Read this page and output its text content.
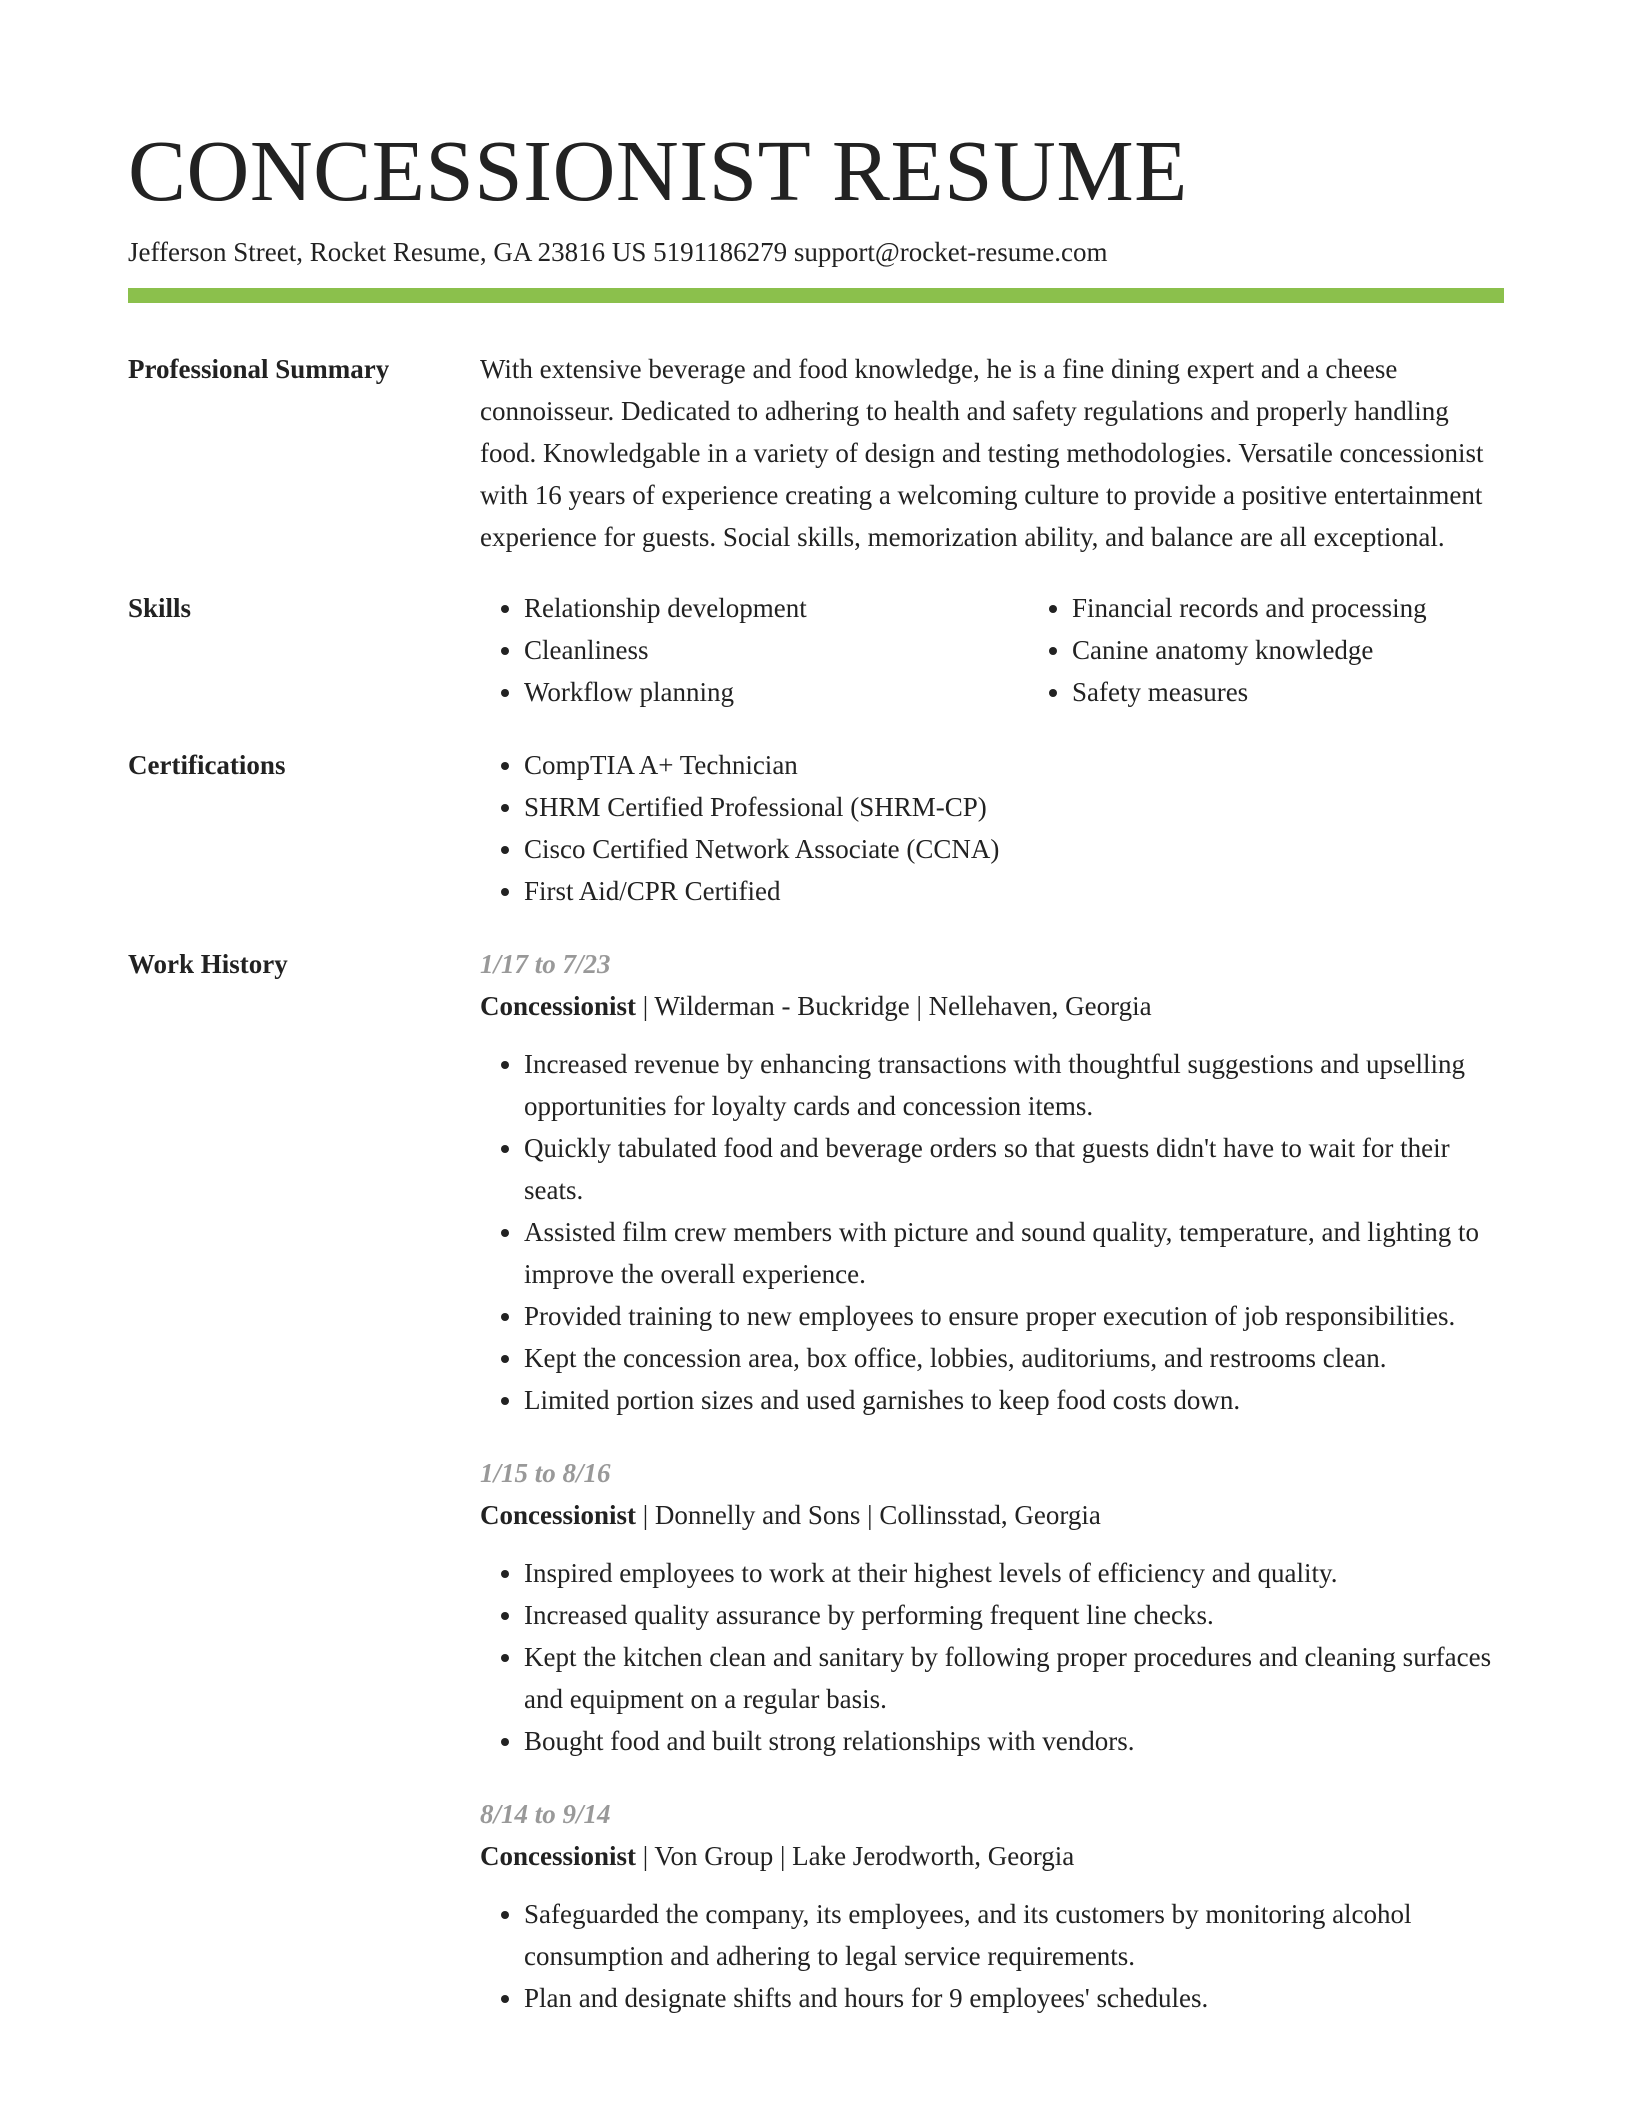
CONCESSIONIST RESUME
Jefferson Street, Rocket Resume, GA 23816 US 5191186279 support@rocket-resume.com
Professional Summary	With extensive beverage and food knowledge, he is a fine dining expert and a cheese connoisseur. Dedicated to adhering to health and safety regulations and properly handling food. Knowledgable in a variety of design and testing methodologies. Versatile concessionist with 16 years of experience creating a welcoming culture to provide a positive entertainment experience for guests. Social skills, memorization ability, and balance are all exceptional.

Skills	• Relationship development
• Cleanliness
• Workflow planning
• Financial records and processing
• Canine anatomy knowledge
• Safety measures
Certifications	• CompTIA A+ Technician
• SHRM Certified Professional (SHRM-CP)
• Cisco Certified Network Associate (CCNA)
• First Aid/CPR Certified
Work History	1/17 to 7/23
Concessionist | Wilderman - Buckridge | Nellehaven, Georgia
• Increased revenue by enhancing transactions with thoughtful suggestions and upselling opportunities for loyalty cards and concession items.
• Quickly tabulated food and beverage orders so that guests didn't have to wait for their seats.
• Assisted film crew members with picture and sound quality, temperature, and lighting to improve the overall experience.
• Provided training to new employees to ensure proper execution of job responsibilities.
• Kept the concession area, box office, lobbies, auditoriums, and restrooms clean.
• Limited portion sizes and used garnishes to keep food costs down.
1/15 to 8/16
Concessionist | Donnelly and Sons | Collinsstad, Georgia
• Inspired employees to work at their highest levels of efficiency and quality.
• Increased quality assurance by performing frequent line checks.
• Kept the kitchen clean and sanitary by following proper procedures and cleaning surfaces and equipment on a regular basis.
• Bought food and built strong relationships with vendors.
8/14 to 9/14
Concessionist | Von Group | Lake Jerodworth, Georgia
• Safeguarded the company, its employees, and its customers by monitoring alcohol consumption and adhering to legal service requirements.
• Plan and designate shifts and hours for 9 employees' schedules.
